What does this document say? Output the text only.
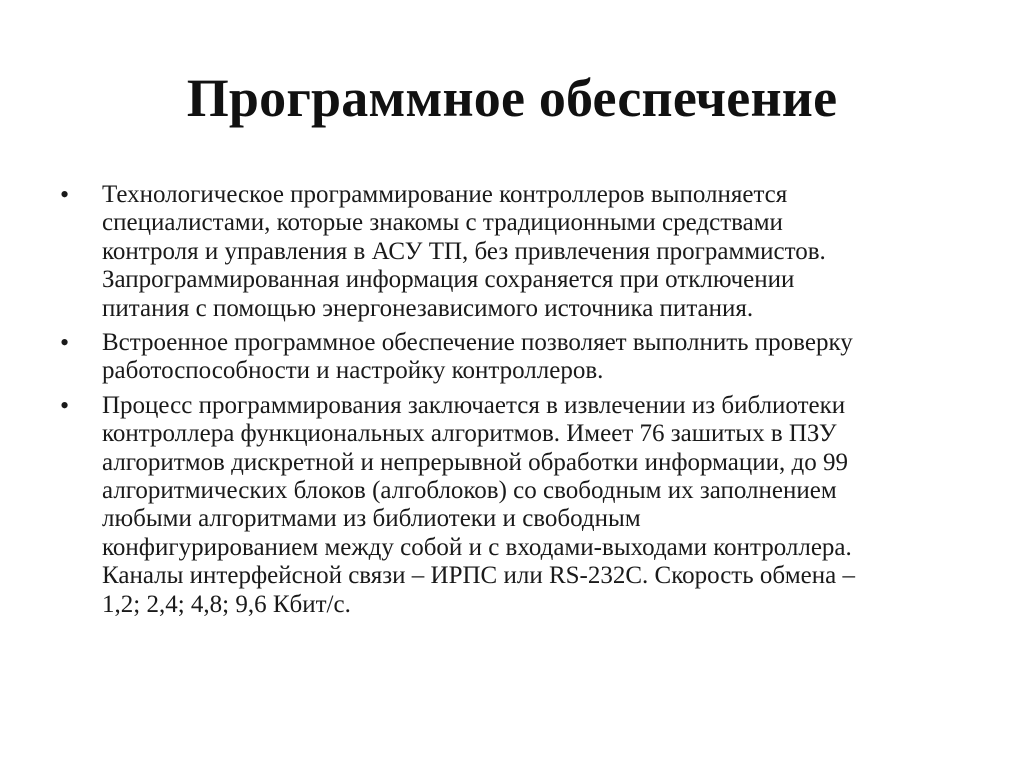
Программное обеспечение
•	Технологическое программирование контроллеров выполняется
специалистами, которые знакомы с традиционными средствами
контроля и управления в АСУ ТП, без привлечения программистов.
Запрограммированная информация сохраняется при отключении
питания с помощью энергонезависимого источника питания.
•	Встроенное программное обеспечение позволяет выполнить проверку
работоспособности и настройку контроллеров.
•	Процесс программирования заключается в извлечении из библиотеки
контроллера функциональных алгоритмов. Имеет 76 зашитых в ПЗУ
алгоритмов дискретной и непрерывной обработки информации, до 99
алгоритмических блоков (алгоблоков) со свободным их заполнением
любыми алгоритмами из библиотеки и свободным
конфигурированием между собой и с входами-выходами контроллера.
Каналы интерфейсной связи – ИРПС или RS-232С. Скорость обмена –
1,2; 2,4; 4,8; 9,6 Кбит/с.
